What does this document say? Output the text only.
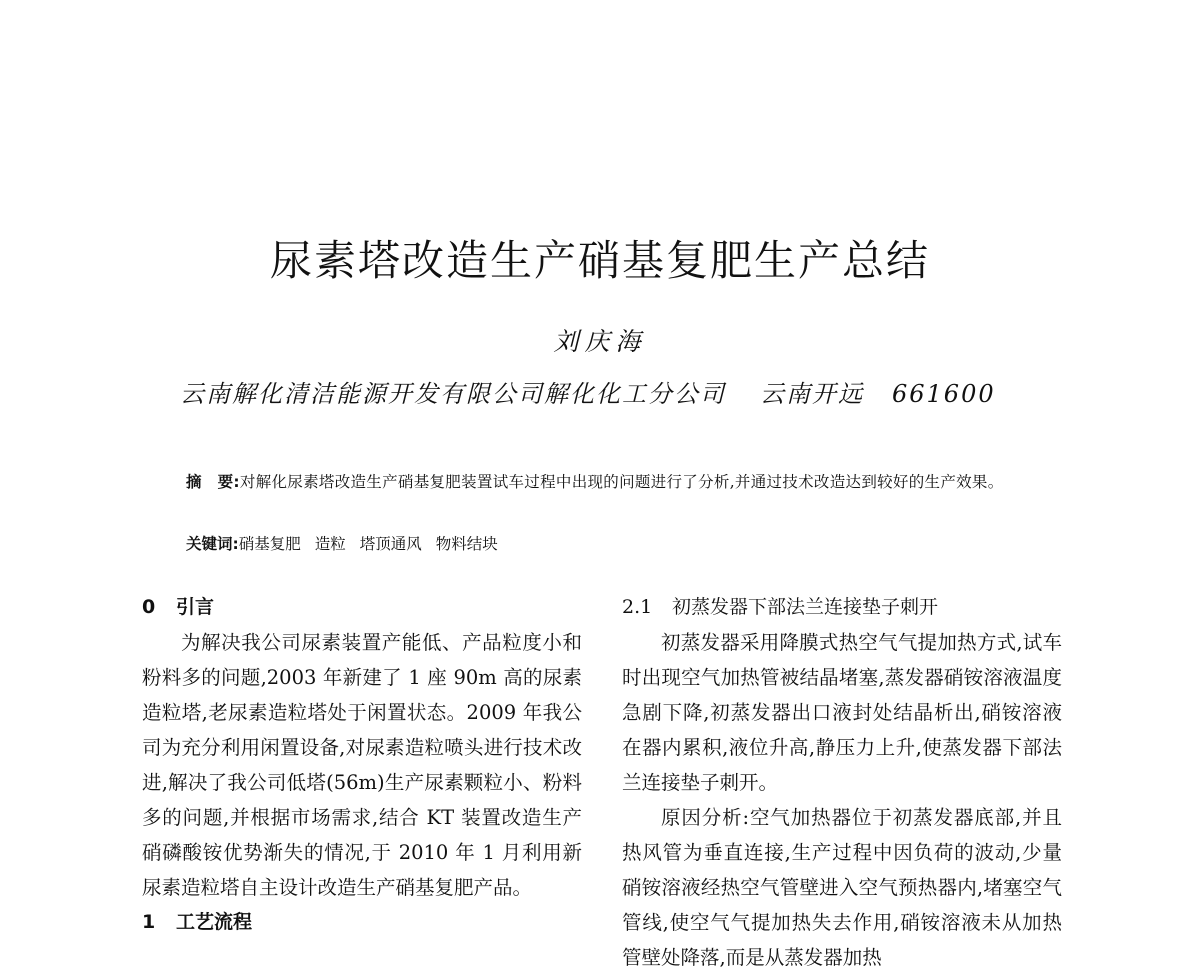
尿素塔改造生产硝基复肥生产总结
刘庆海
云南解化清洁能源开发有限公司解化化工分公司 云南开远 661600
摘　要:对解化尿素塔改造生产硝基复肥装置试车过程中出现的问题进行了分析,并通过技术改造达到较好的生产效果。
关键词:硝基复肥 造粒 塔顶通风 物料结块
0 引言

为解决我公司尿素装置产能低、产品粒度小和粉料多的问题,2003 年新建了 1 座 90m 高的尿素造粒塔,老尿素造粒塔处于闲置状态。2009 年我公司为充分利用闲置设备,对尿素造粒喷头进行技术改进,解决了我公司低塔(56m)生产尿素颗粒小、粉料多的问题,并根据市场需求,结合 KT 装置改造生产硝磷酸铵优势渐失的情况,于 2010 年 1 月利用新尿素造粒塔自主设计改造生产硝基复肥产品。

1 工艺流程
2.1 初蒸发器下部法兰连接垫子刺开

初蒸发器采用降膜式热空气气提加热方式,试车时出现空气加热管被结晶堵塞,蒸发器硝铵溶液温度急剧下降,初蒸发器出口液封处结晶析出,硝铵溶液在器内累积,液位升高,静压力上升,使蒸发器下部法兰连接垫子刺开。

原因分析:空气加热器位于初蒸发器底部,并且热风管为垂直连接,生产过程中因负荷的波动,少量硝铵溶液经热空气管壁进入空气预热器内,堵塞空气管线,使空气气提加热失去作用,硝铵溶液未从加热管壁处降落,而是从蒸发器加热
